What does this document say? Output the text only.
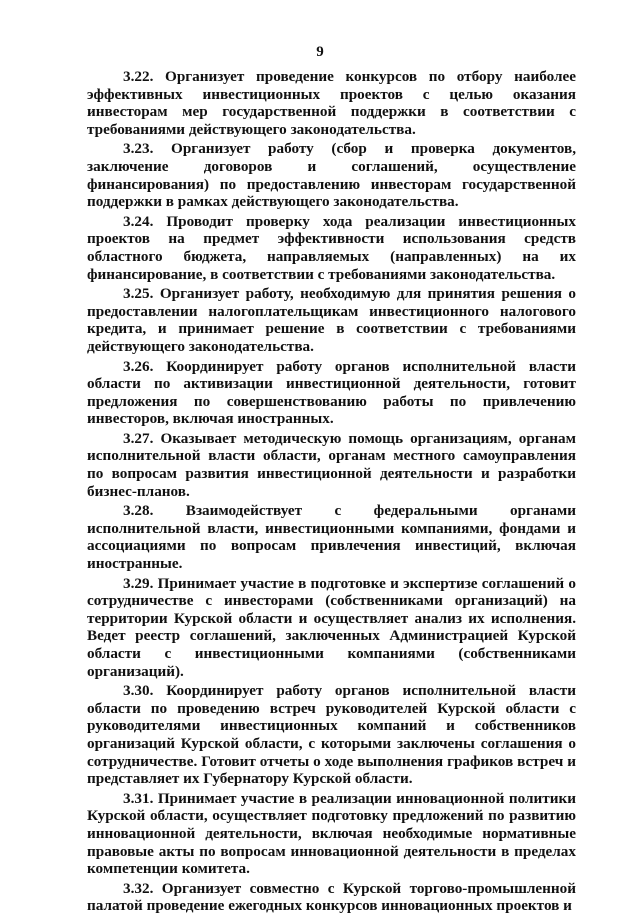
9

3.22. Организует проведение конкурсов по отбору наиболее эффективных инвестиционных проектов с целью оказания инвесторам мер государственной поддержки в соответствии с требованиями действующего законодательства.

3.23. Организует работу (сбор и проверка документов, заключение договоров и соглашений, осуществление финансирования) по предоставлению инвесторам государственной поддержки в рамках действующего законодательства.

3.24. Проводит проверку хода реализации инвестиционных проектов на предмет эффективности использования средств областного бюджета, направляемых (направленных) на их финансирование, в соответствии с требованиями законодательства.

3.25. Организует работу, необходимую для принятия решения о предоставлении налогоплательщикам инвестиционного налогового кредита, и принимает решение в соответствии с требованиями действующего законодательства.

3.26. Координирует работу органов исполнительной власти области по активизации инвестиционной деятельности, готовит предложения по совершенствованию работы по привлечению инвесторов, включая иностранных.

3.27. Оказывает методическую помощь организациям, органам исполнительной власти области, органам местного самоуправления по вопросам развития инвестиционной деятельности и разработки бизнес-планов.

3.28. Взаимодействует с федеральными органами исполнительной власти, инвестиционными компаниями, фондами и ассоциациями по вопросам привлечения инвестиций, включая иностранные.

3.29. Принимает участие в подготовке и экспертизе соглашений о сотрудничестве с инвесторами (собственниками организаций) на территории Курской области и осуществляет анализ их исполнения. Ведет реестр соглашений, заключенных Администрацией Курской области с инвестиционными компаниями (собственниками организаций).

3.30. Координирует работу органов исполнительной власти области по проведению встреч руководителей Курской области с руководителями инвестиционных компаний и собственников организаций Курской области, с которыми заключены соглашения о сотрудничестве. Готовит отчеты о ходе выполнения графиков встреч и представляет их Губернатору Курской области.

3.31. Принимает участие в реализации инновационной политики Курской области, осуществляет подготовку предложений по развитию инновационной деятельности, включая необходимые нормативные правовые акты по вопросам инновационной деятельности в пределах компетенции комитета.

3.32. Организует совместно с Курской торгово-промышленной палатой проведение ежегодных конкурсов инновационных проектов и
